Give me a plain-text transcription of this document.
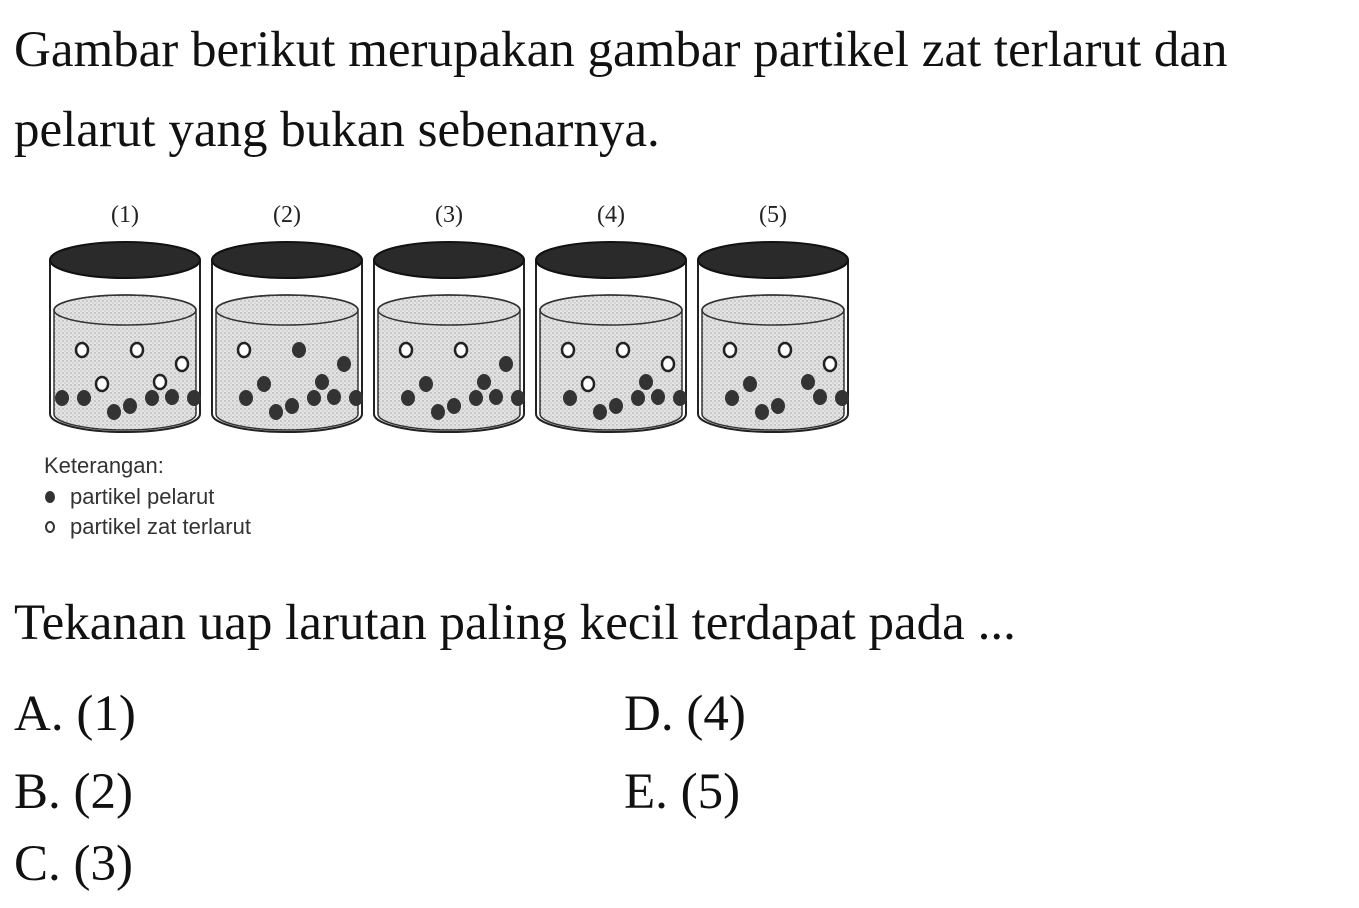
Gambar berikut merupakan gambar partikel zat terlarut dan pelarut yang bukan sebenarnya.

(1)	(2)	(3)	(4)	(5)
Keterangan:
partikel pelarut
partikel zat terlarut

Tekanan uap larutan paling kecil terdapat pada ...

A. (1)
B. (2)
C. (3)
D. (4)
E. (5)
